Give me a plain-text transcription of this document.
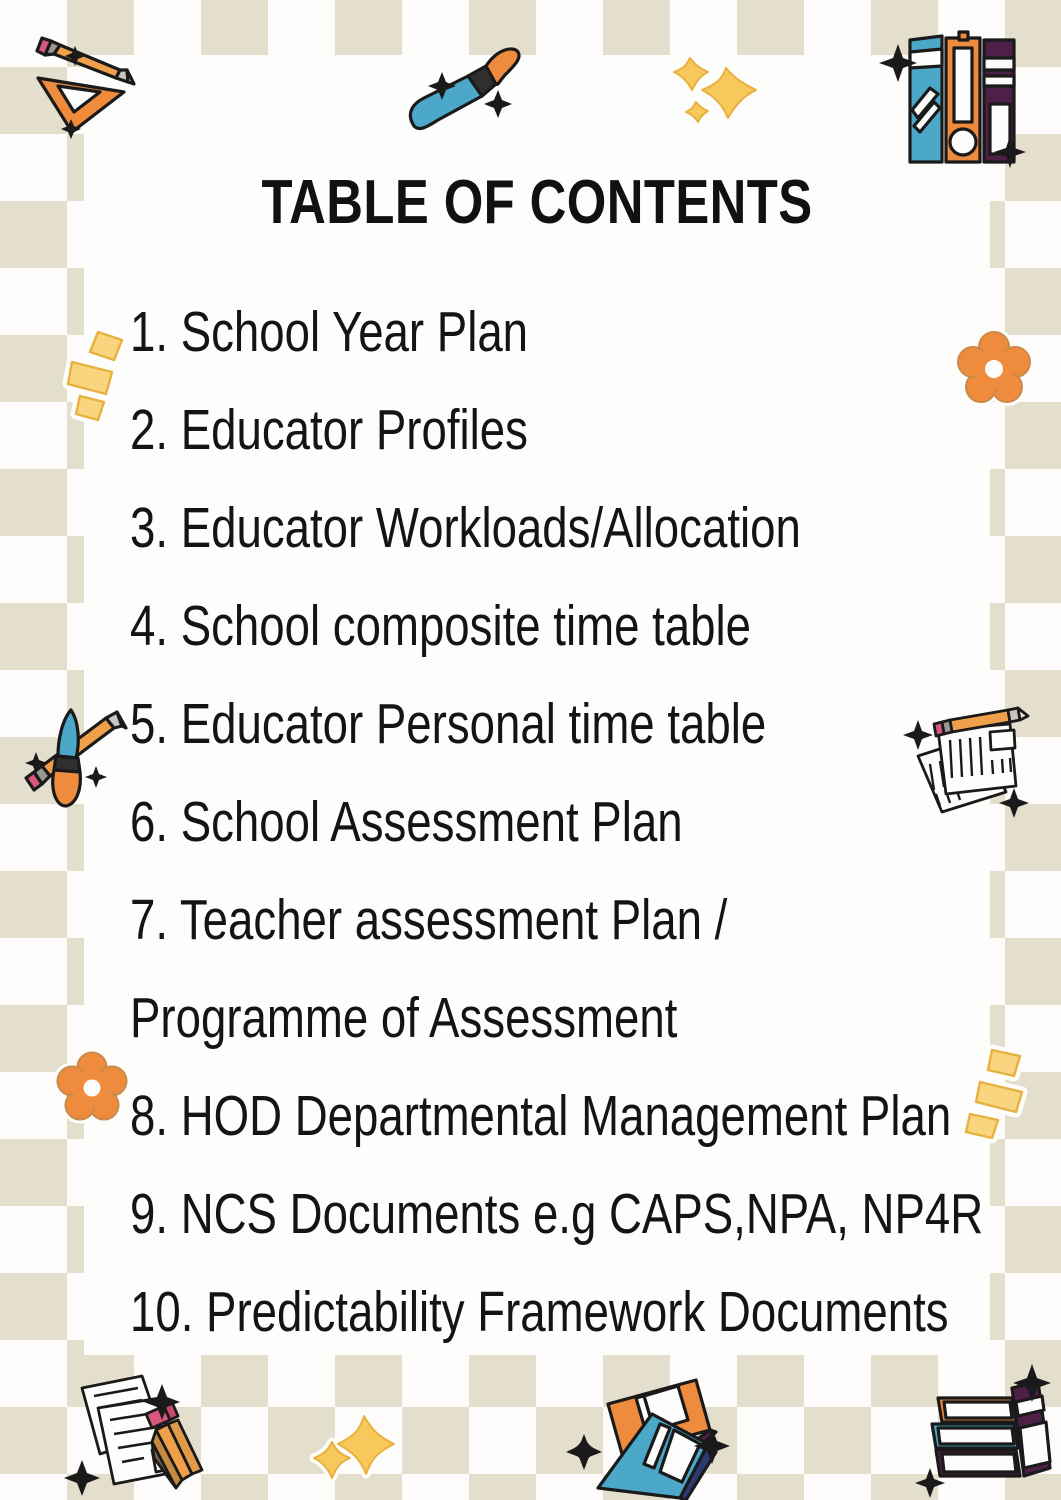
TABLE OF CONTENTS
1. School Year Plan
2. Educator Profiles
3. Educator Workloads/Allocation
4. School composite time table
5. Educator Personal time table
6. School Assessment Plan
7. Teacher assessment Plan /
Programme of Assessment
8. HOD Departmental Management Plan
9. NCS Documents e.g CAPS,NPA, NP4R
10. Predictability Framework Documents
